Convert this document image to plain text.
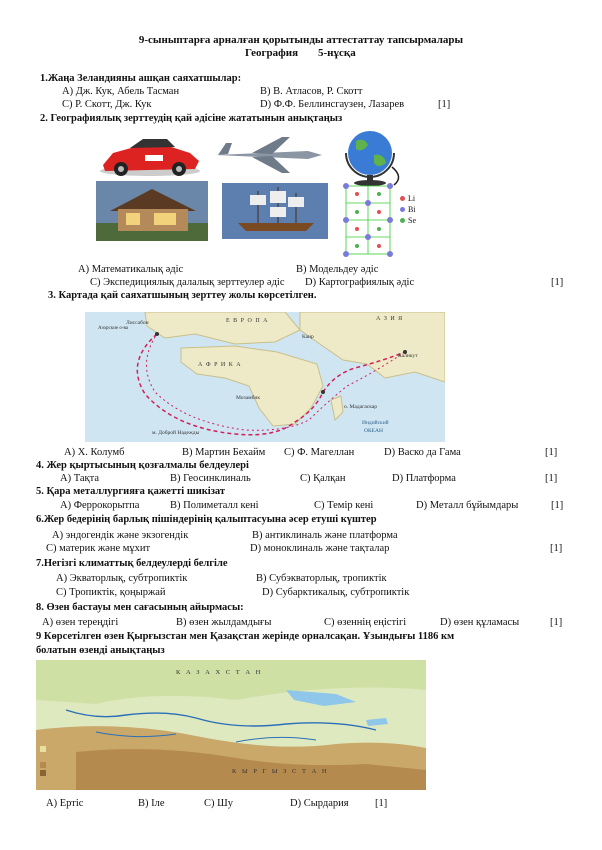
9-сыныптарға арналған қорытынды аттестаттау тапсырмалары
География 5-нұсқа
1.Жаңа Зеландияны ашқан саяхатшылар:
А) Дж. Кук, Абель Тасман	В) В. Атласов, Р. Скотт
С) Р. Скотт, Дж. Кук	D) Ф.Ф. Беллинсгаузен, Лазарев	[1]
2. Географиялық зерттеудің қай әдісіне жататынын анықтаңыз
Li
Bi
Se
А) Математикалық әдіс	В) Модельдеу әдіс
С) Экспедициялық далалық зерттеулер әдіс D) Картографиялық әдіс	[1]
3. Картада қай саяхатшының зерттеу жолы көрсетілген.
Е В Р О П А	А З И Я
А Ф Р И К А
Лиссабон
Азорские о-ва
Каир
Каликут
Мозамбик
о. Мадагаскар
м. Доброй Надежды
Индийский
ОКЕАН
А) Х. Колумб	В) Мартин Бехайм С) Ф. Магеллан	D) Васко да Гама	[1]
4. Жер қыртысының қозғалмалы белдеулері
А) Тақта	В) Геосинклиналь	С) Қалқан	D) Платформа	[1]
5. Қара металлургияға қажетті шикізат
А) Феррокорытпа	В) Полиметалл кені	С) Темір кені	D) Металл бұйымдары	[1]
6.Жер бедерінің барлық пішіндерінің қалыптасуына әсер етуші күштер
А) эндогендік және экзогендік	В) антиклиналь және платформа
С) материк және мұхит	D) моноклиналь және тақталар	[1]
7.Негізгі климаттық белдеулерді белгіле
А) Экваторлық, субтропиктік	В) Субэкваторлық, тропиктік
С) Тропиктік, қоңыржай	D) Субарктикалық, субтропиктік
8. Өзен бастауы мен сағасының айырмасы:
А) өзен тереңдігі	В) өзен жылдамдығы	С) өзеннің еңістігі	D) өзен құламасы	[1]
9 Көрсетілген өзен Қырғызстан мен Қазақстан жерінде орналсақан. Ұзындығы 1186 км
болатын өзенді анықтаңыз
К А З А Х С Т А Н
К Ы Р Г Ы З С Т А Н
А) Ертіс	В) Іле	С) Шу	D) Сырдария	[1]
